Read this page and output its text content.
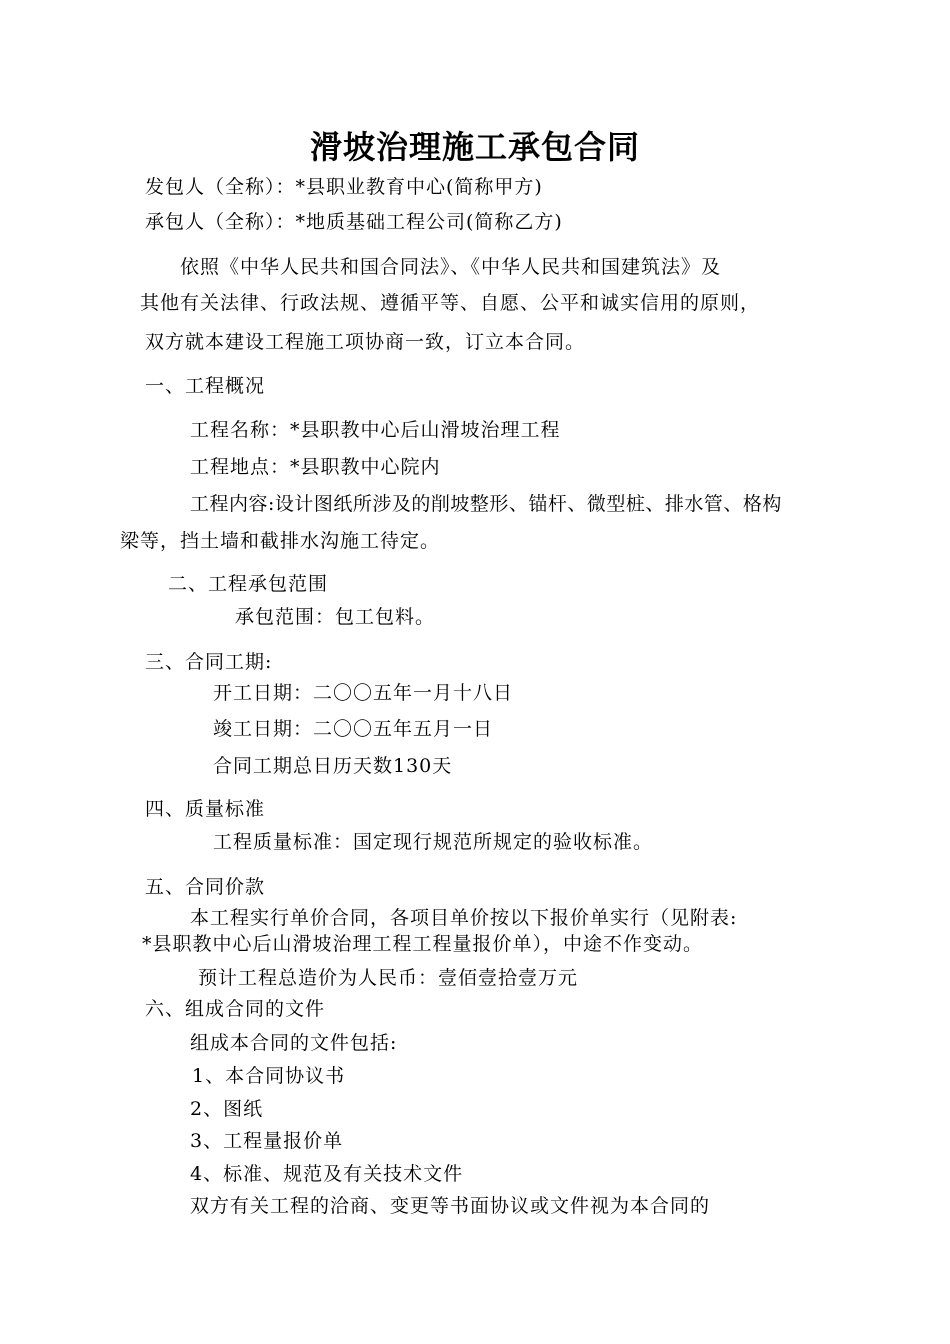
滑坡治理施工承包合同
发包人（全称）：*县职业教育中心(简称甲方)
承包人（全称）：*地质基础工程公司(简称乙方)
依照《中华人民共和国合同法》、《中华人民共和国建筑法》及
其他有关法律、行政法规、遵循平等、自愿、公平和诚实信用的原则，
双方就本建设工程施工项协商一致，订立本合同。
一、工程概况
工程名称：*县职教中心后山滑坡治理工程
工程地点：*县职教中心院内
工程内容:设计图纸所涉及的削坡整形、锚杆、微型桩、排水管、格构
梁等，挡土墙和截排水沟施工待定。
二、工程承包范围
承包范围：包工包料。
三、合同工期:
开工日期：二〇〇五年一月十八日
竣工日期：二〇〇五年五月一日
合同工期总日历天数130天
四、质量标准
工程质量标准：国定现行规范所规定的验收标准。
五、合同价款
本工程实行单价合同，各项目单价按以下报价单实行（见附表:
*县职教中心后山滑坡治理工程工程量报价单），中途不作变动。
预计工程总造价为人民币：壹佰壹拾壹万元
六、组成合同的文件
组成本合同的文件包括:
1、本合同协议书
2、图纸
3、工程量报价单
4、标准、规范及有关技术文件
双方有关工程的洽商、变更等书面协议或文件视为本合同的
